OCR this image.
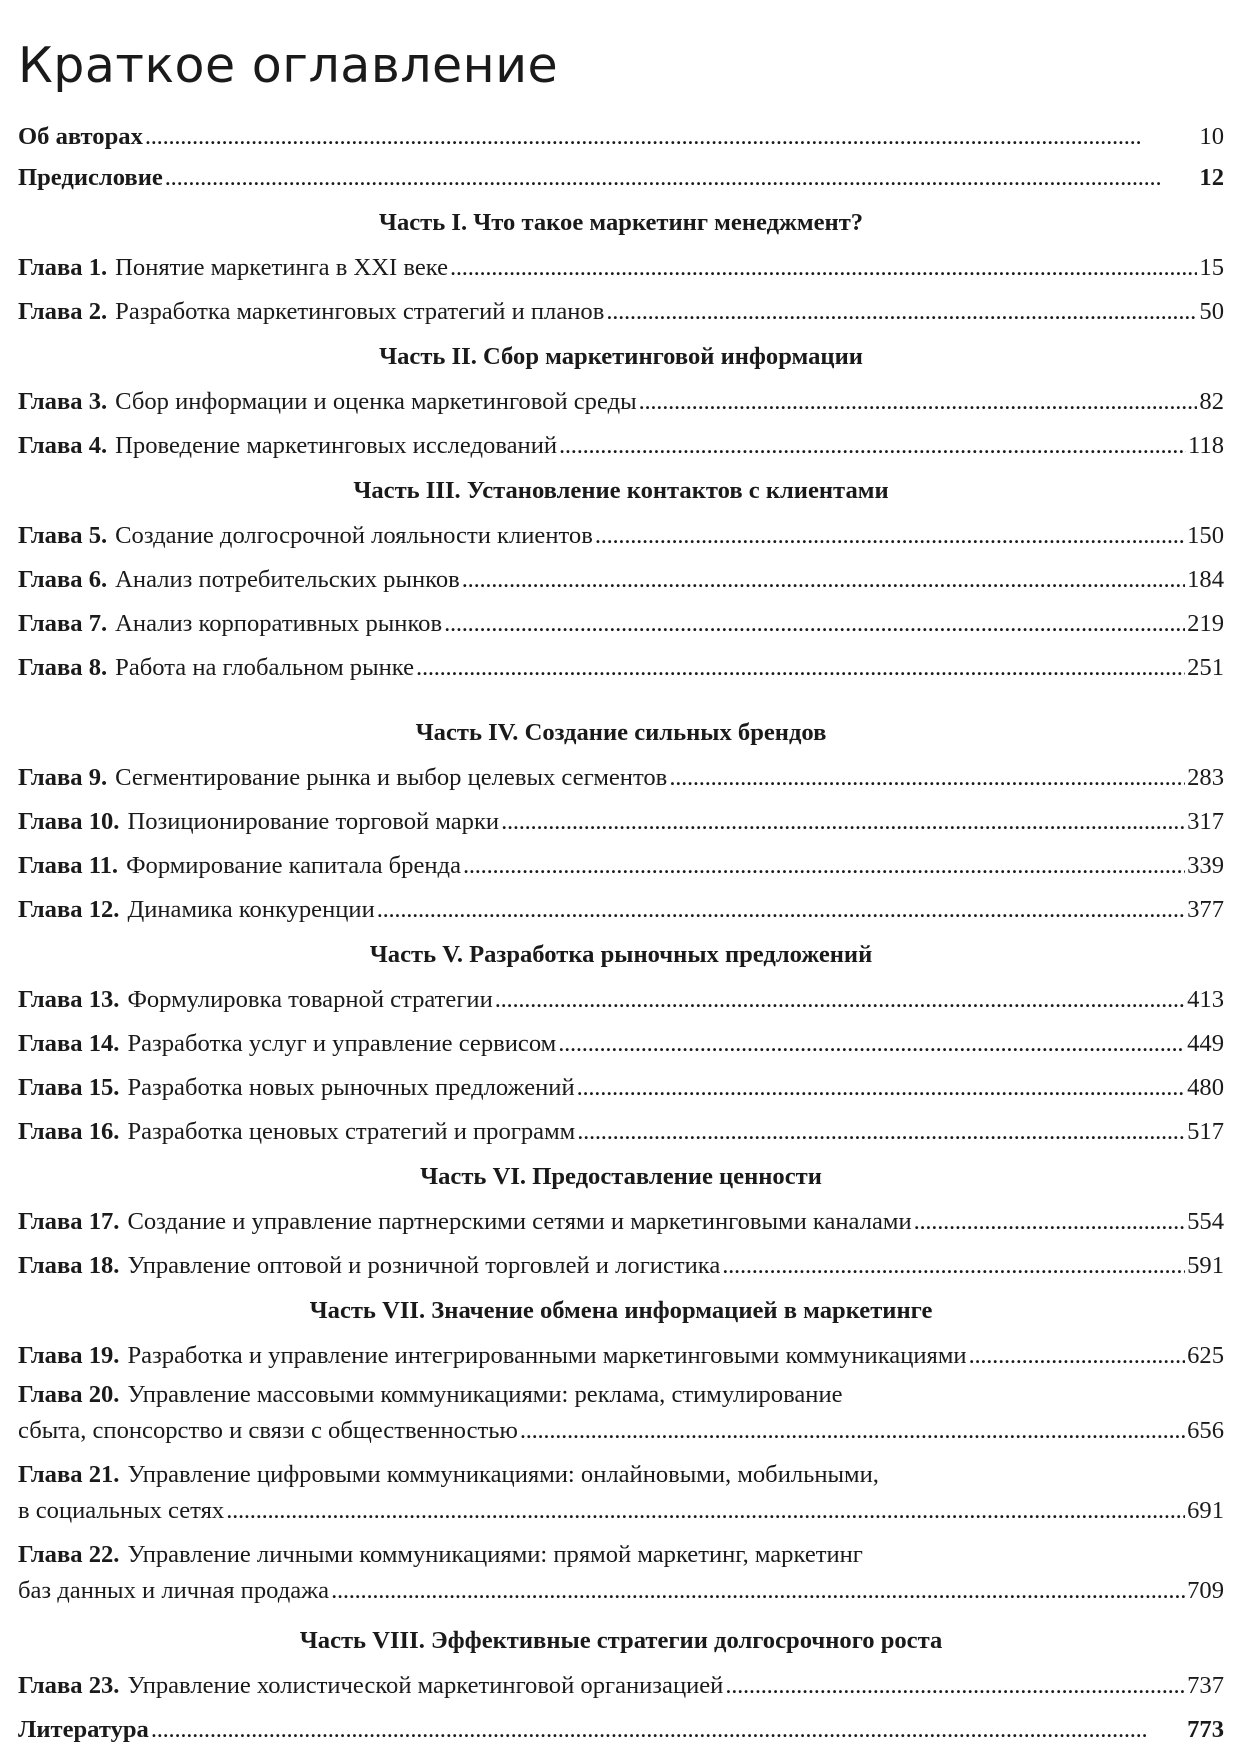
Краткое оглавление
Об авторах . . .	10
Предисловие . . .	12
Часть I. Что такое маркетинг менеджмент?
Глава 1. Понятие маркетинга в XXI веке . . .	15
Глава 2. Разработка маркетинговых стратегий и планов . . .	50
Часть II. Сбор маркетинговой информации
Глава 3. Сбор информации и оценка маркетинговой среды . . .	82
Глава 4. Проведение маркетинговых исследований . . .	118
Часть III. Установление контактов с клиентами
Глава 5. Создание долгосрочной лояльности клиентов . . .	150
Глава 6. Анализ потребительских рынков . . .	184
Глава 7. Анализ корпоративных рынков . . .	219
Глава 8. Работа на глобальном рынке . . .	251
Часть IV. Создание сильных брендов
Глава 9. Сегментирование рынка и выбор целевых сегментов . . .	283
Глава 10. Позиционирование торговой марки . . .	317
Глава 11. Формирование капитала бренда . . .	339
Глава 12. Динамика конкуренции . . .	377
Часть V. Разработка рыночных предложений
Глава 13. Формулировка товарной стратегии . . .	413
Глава 14. Разработка услуг и управление сервисом . . .	449
Глава 15. Разработка новых рыночных предложений . . .	480
Глава 16. Разработка ценовых стратегий и программ . . .	517
Часть VI. Предоставление ценности
Глава 17. Создание и управление партнерскими сетями и маркетинговыми каналами . . .	554
Глава 18. Управление оптовой и розничной торговлей и логистика . . .	591
Часть VII. Значение обмена информацией в маркетинге
Глава 19. Разработка и управление интегрированными маркетинговыми коммуникациями . . .	625
Глава 20. Управление массовыми коммуникациями: реклама, стимулирование
сбыта, спонсорство и связи с общественностью . . .	656
Глава 21. Управление цифровыми коммуникациями: онлайновыми, мобильными,
в социальных сетях . . .	691
Глава 22. Управление личными коммуникациями: прямой маркетинг, маркетинг
баз данных и личная продажа . . .	709
Часть VIII. Эффективные стратегии долгосрочного роста
Глава 23. Управление холистической маркетинговой организацией . . .	737
Литература . . .	773
